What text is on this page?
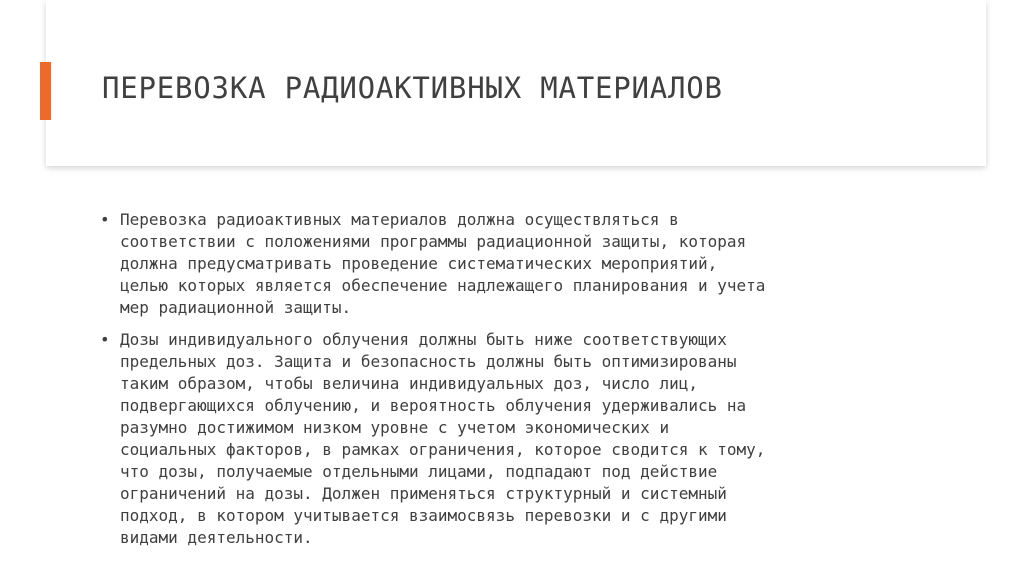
ПЕРЕВОЗКА РАДИОАКТИВНЫХ МАТЕРИАЛОВ
• Перевозка радиоактивных материалов должна осуществляться в
соответствии с положениями программы радиационной защиты, которая
должна предусматривать проведение систематических мероприятий,
целью которых является обеспечение надлежащего планирования и учета
мер радиационной защиты.
• Дозы индивидуального облучения должны быть ниже соответствующих
предельных доз. Защита и безопасность должны быть оптимизированы
таким образом, чтобы величина индивидуальных доз, число лиц,
подвергающихся облучению, и вероятность облучения удерживались на
разумно достижимом низком уровне с учетом экономических и
социальных факторов, в рамках ограничения, которое сводится к тому,
что дозы, получаемые отдельными лицами, подпадают под действие
ограничений на дозы. Должен применяться структурный и системный
подход, в котором учитывается взаимосвязь перевозки и с другими
видами деятельности.
